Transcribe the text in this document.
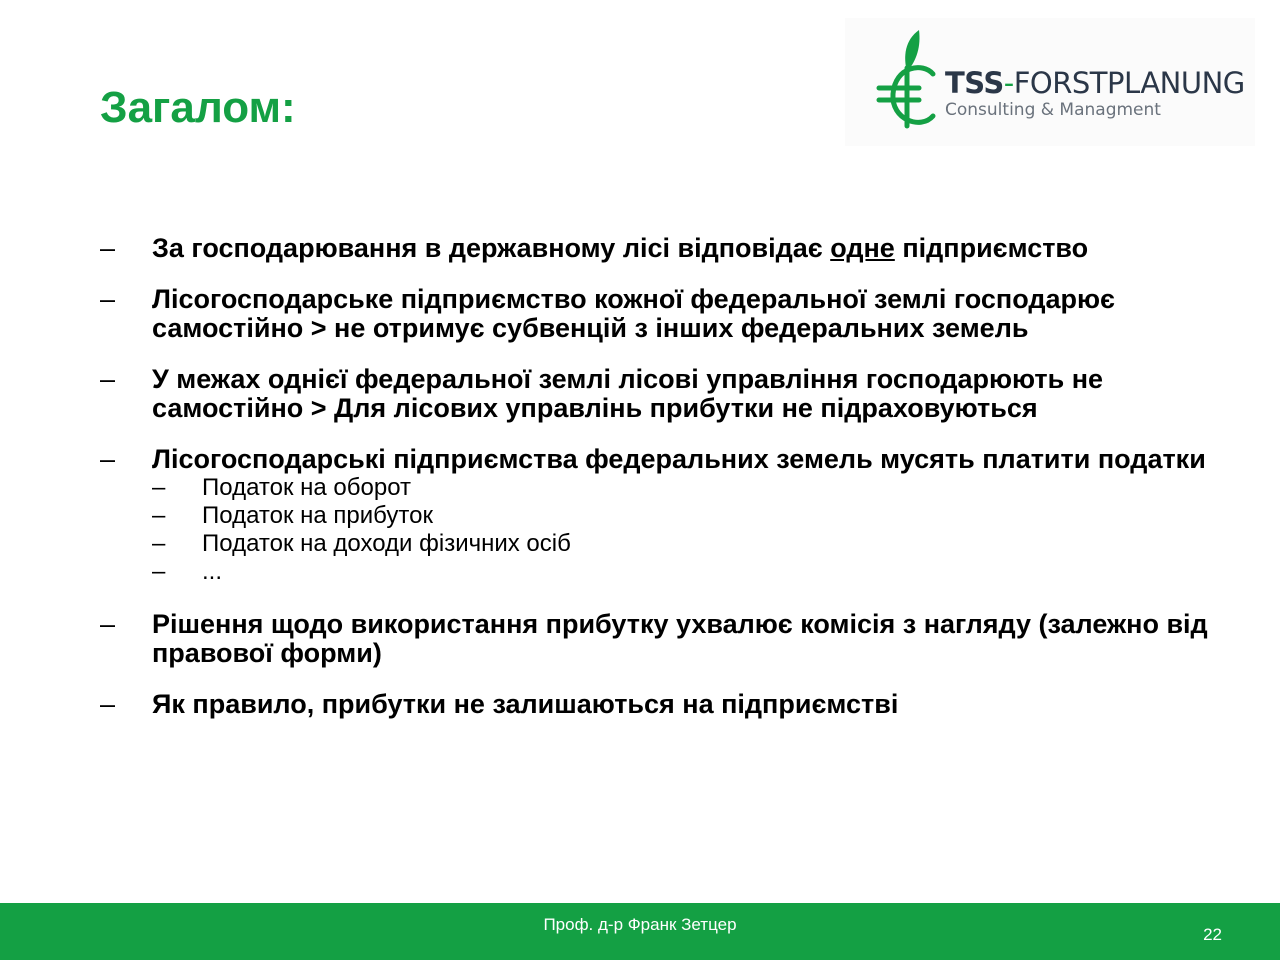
Загалом:	TSS-FORSTPLANUNG
Consulting & Managment
– За господарювання в державному лісі відповідає одне підприємство
– Лісогосподарське підприємство кожної федеральної землі господарює самостійно > не отримує субвенцій з інших федеральних земель
– У межах однієї федеральної землі лісові управління господарюють не самостійно > Для лісових управлінь прибутки не підраховуються
– Лісогосподарські підприємства федеральних земель мусять платити податки
– Податок на оборот
– Податок на прибуток
– Податок на доходи фізичних осіб
– ...
– Рішення щодо використання прибутку ухвалює комісія з нагляду (залежно від правової форми)
– Як правило, прибутки не залишаються на підприємстві
Проф. д-р Франк Зетцер
22
